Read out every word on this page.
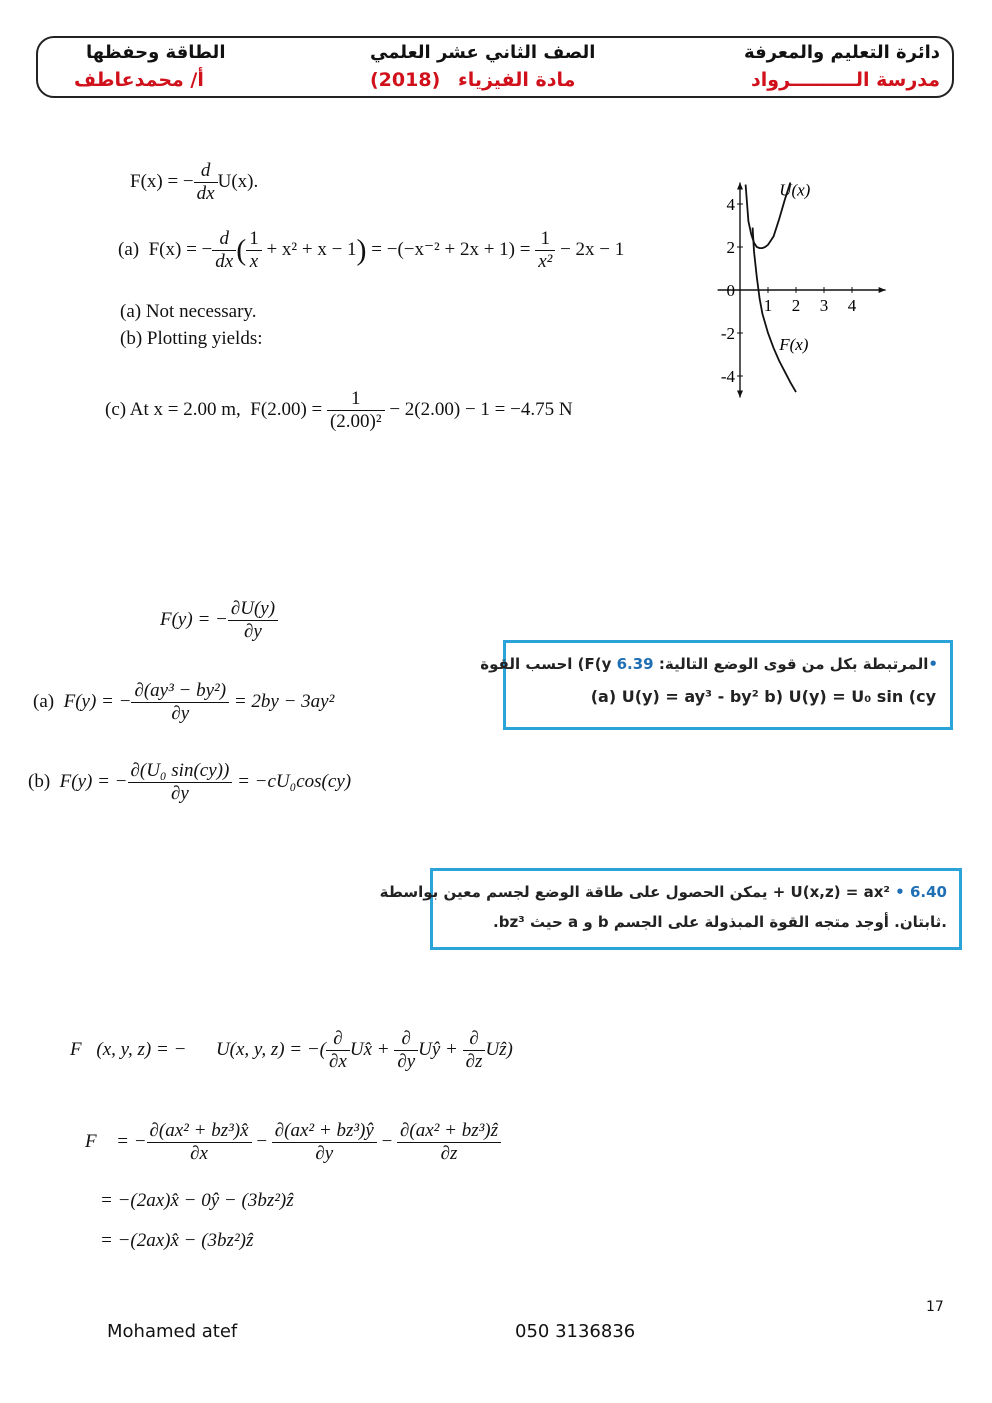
الطاقة وحفظها
أ/ محمدعاطف
الصف الثاني عشر العلمي
(2018) مادة الفيزياء
دائرة التعليم والمعرفة
مدرسة الــــــــــرواد
F(x) = − $\frac{d}{dx} U(x)$.
(a) F(x) = − $\frac{d}{dx}$ ( $\frac{1}{x} + x^2 + x - 1) = -(-x^{-2} + 2x + 1) = \frac{1}{\text{x²}} - 2x - 1$
(a) Not necessary.
(b) Plotting yields:
(c) At x = 2.00 m, $F(2.00) = \frac{1}{\text{(2.00)²}} - 2(2.00) - 1 = -4.75$ N
1 2 3 4
4
2
0
-2
-4
U(x)
F(x)
F(y) = − $\frac{\partial U(y)}{\partial y}$
احسب القوة (F(y المرتبطة بكل من قوى الوضع التالية: 6.39•
(a) U(y) = ay³ - by² b) U(y) = U₀ sin (cy
(a) F(y) = − $\frac{\text{∂(ay³ − by²)}}{\partial y} = 2by - 3ay^2$
(b) F(y) = − $\frac{\text{∂(U₀ sin(cy))}}{\partial y} = -cU_0\cos(cy)$
يمكن الحصول على طاقة الوضع لجسم معين بواسطة + U(x,z) = ax² • 6.40
.bz³ حيث a و b ثابتان. أوجد متجه القوة المبذولة على الجسم.
F⃗(x, y, z) = −∇⃗U(x, y, z) = −( $\frac{\partial}{\partial x}$ Ux̂ + $\frac{\partial}{\partial y}$ Uŷ + $\frac{\partial}{\partial z}$ Uẑ)
F⃗ = − $\frac{\text{∂(ax² + bz³)x̂}}{\partial x} - \frac{\text{∂(ax² + bz³)ŷ}}{\partial y} - \frac{\text{∂(ax² + bz³)ẑ}}{\partial z}$
= −(2ax)x̂ − 0ŷ − (3bz²)ẑ
= −(2ax)x̂ − (3bz²)ẑ
17
Mohamed atef	050 3136836
